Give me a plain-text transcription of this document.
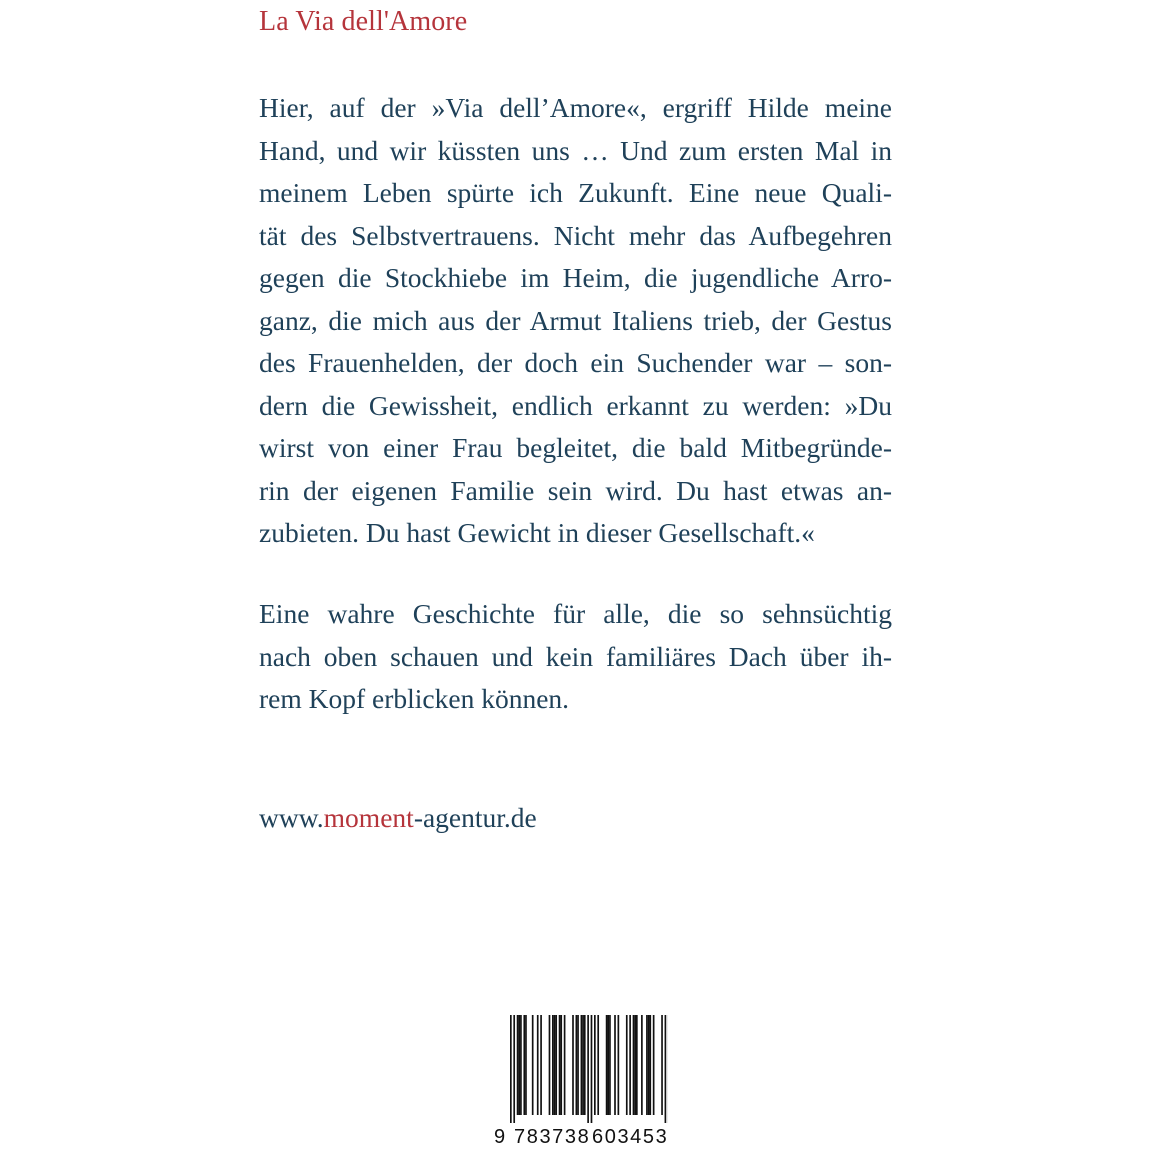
La Via dell'Amore
Hier, auf der »Via dell’Amore«, ergriff Hilde meine
Hand, und wir küssten uns … Und zum ersten Mal in
meinem Leben spürte ich Zukunft. Eine neue Quali-
tät des Selbstvertrauens. Nicht mehr das Aufbegehren
gegen die Stockhiebe im Heim, die jugendliche Arro-
ganz, die mich aus der Armut Italiens trieb, der Gestus
des Frauenhelden, der doch ein Suchender war – son-
dern die Gewissheit, endlich erkannt zu werden: »Du
wirst von einer Frau begleitet, die bald Mitbegründe-
rin der eigenen Familie sein wird. Du hast etwas an-
zubieten. Du hast Gewicht in dieser Gesellschaft.«
Eine wahre Geschichte für alle, die so sehnsüchtig
nach oben schauen und kein familiäres Dach über ih-
rem Kopf erblicken können.
www.moment-agentur.de
9 783738 603453
